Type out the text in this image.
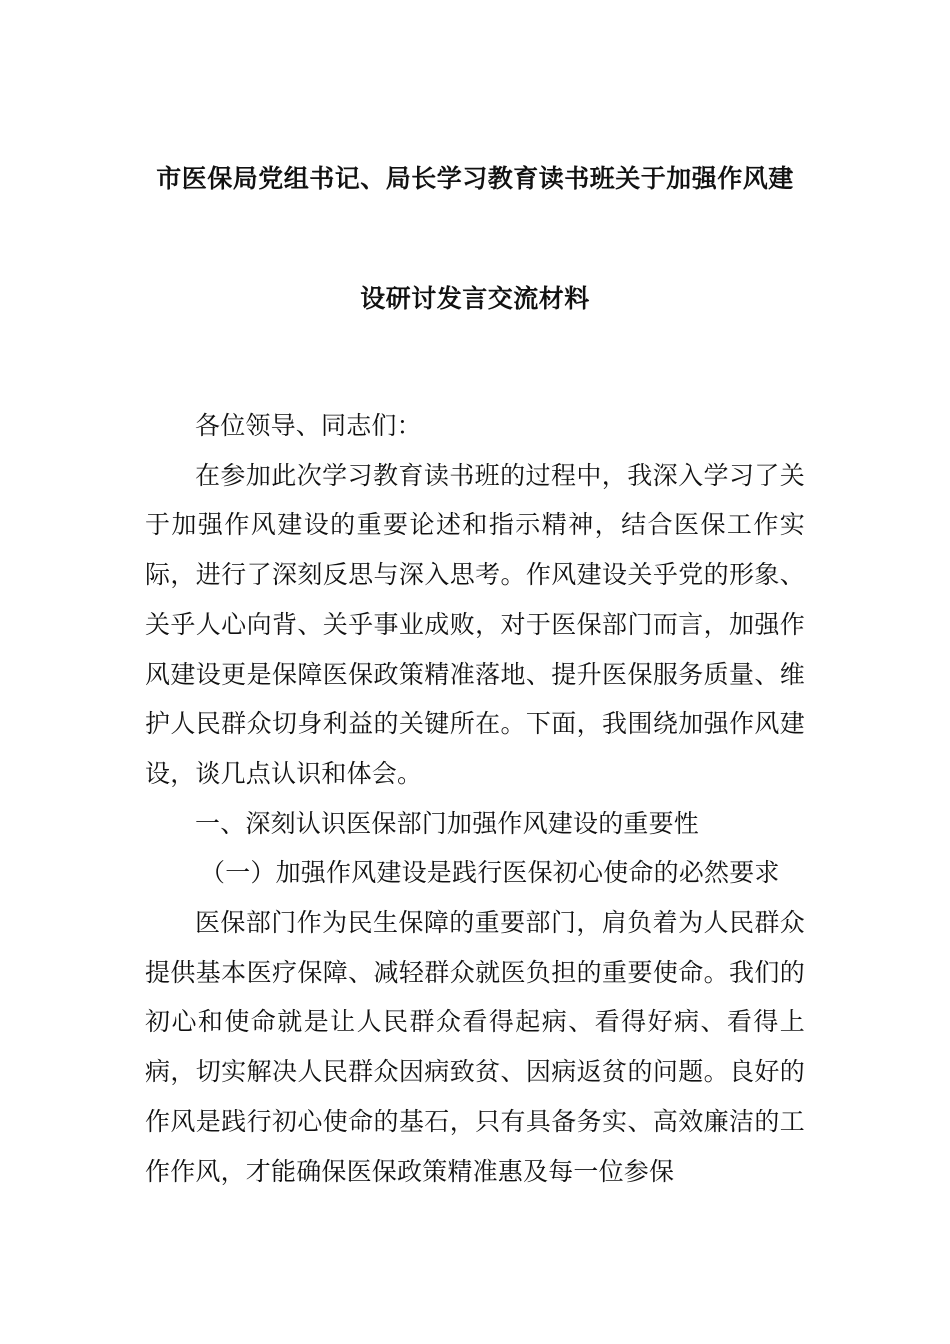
市医保局党组书记、局长学习教育读书班关于加强作风建
设研讨发言交流材料

各位领导、同志们：

在参加此次学习教育读书班的过程中，我深入学习了关于加强作风建设的重要论述和指示精神，结合医保工作实际，进行了深刻反思与深入思考。作风建设关乎党的形象、关乎人心向背、关乎事业成败，对于医保部门而言，加强作风建设更是保障医保政策精准落地、提升医保服务质量、维护人民群众切身利益的关键所在。下面，我围绕加强作风建设，谈几点认识和体会。

一、深刻认识医保部门加强作风建设的重要性

（一）加强作风建设是践行医保初心使命的必然要求

医保部门作为民生保障的重要部门，肩负着为人民群众提供基本医疗保障、减轻群众就医负担的重要使命。我们的初心和使命就是让人民群众看得起病、看得好病、看得上病，切实解决人民群众因病致贫、因病返贫的问题。良好的作风是践行初心使命的基石，只有具备务实、高效廉洁的工作作风，才能确保医保政策精准惠及每一位参保
